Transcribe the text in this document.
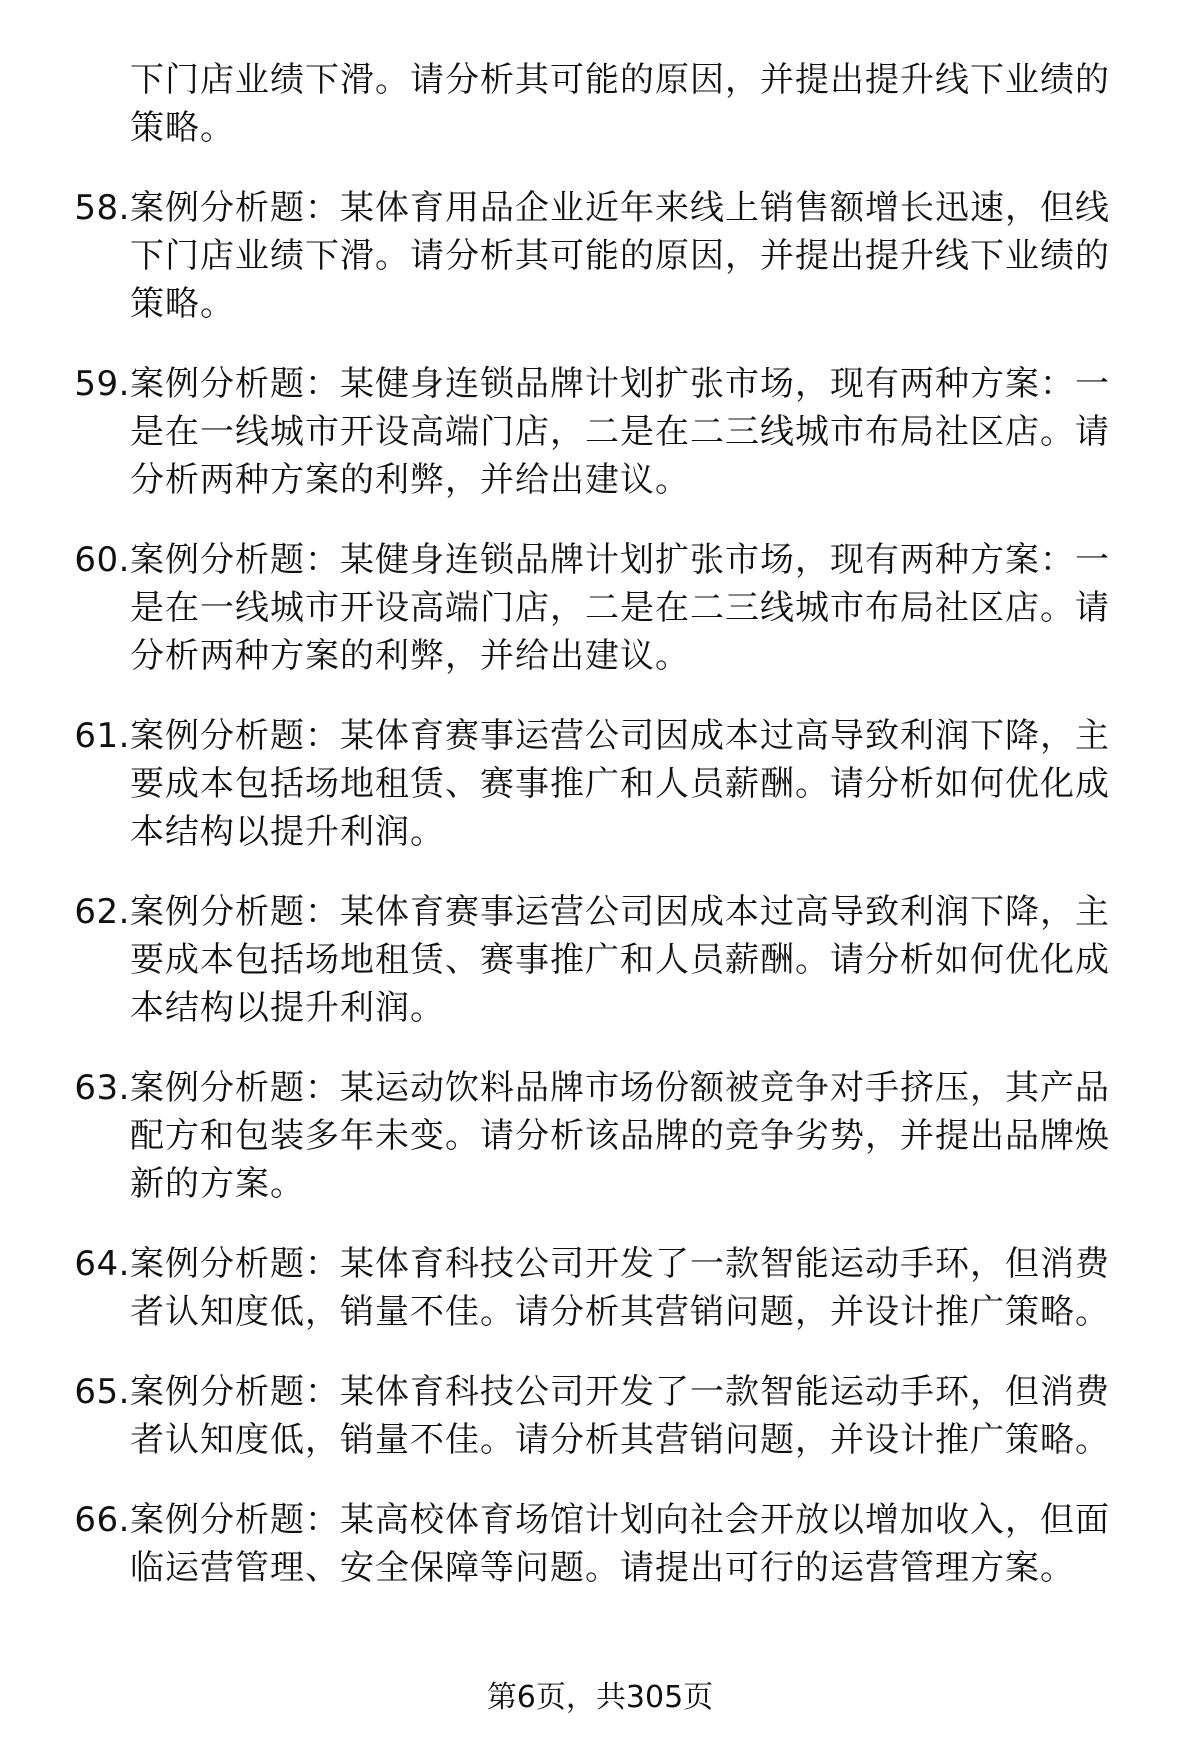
下门店业绩下滑。请分析其可能的原因，并提出提升线下业绩的策略。
58. 案例分析题：某体育用品企业近年来线上销售额增长迅速，但线下门店业绩下滑。请分析其可能的原因，并提出提升线下业绩的策略。
59. 案例分析题：某健身连锁品牌计划扩张市场，现有两种方案：一是在一线城市开设高端门店，二是在二三线城市布局社区店。请分析两种方案的利弊，并给出建议。
60. 案例分析题：某健身连锁品牌计划扩张市场，现有两种方案：一是在一线城市开设高端门店，二是在二三线城市布局社区店。请分析两种方案的利弊，并给出建议。
61. 案例分析题：某体育赛事运营公司因成本过高导致利润下降，主要成本包括场地租赁、赛事推广和人员薪酬。请分析如何优化成本结构以提升利润。
62. 案例分析题：某体育赛事运营公司因成本过高导致利润下降，主要成本包括场地租赁、赛事推广和人员薪酬。请分析如何优化成本结构以提升利润。
63. 案例分析题：某运动饮料品牌市场份额被竞争对手挤压，其产品配方和包装多年未变。请分析该品牌的竞争劣势，并提出品牌焕新的方案。
64. 案例分析题：某体育科技公司开发了一款智能运动手环，但消费者认知度低，销量不佳。请分析其营销问题，并设计推广策略。
65. 案例分析题：某体育科技公司开发了一款智能运动手环，但消费者认知度低，销量不佳。请分析其营销问题，并设计推广策略。
66. 案例分析题：某高校体育场馆计划向社会开放以增加收入，但面临运营管理、安全保障等问题。请提出可行的运营管理方案。
第6页，共305页
